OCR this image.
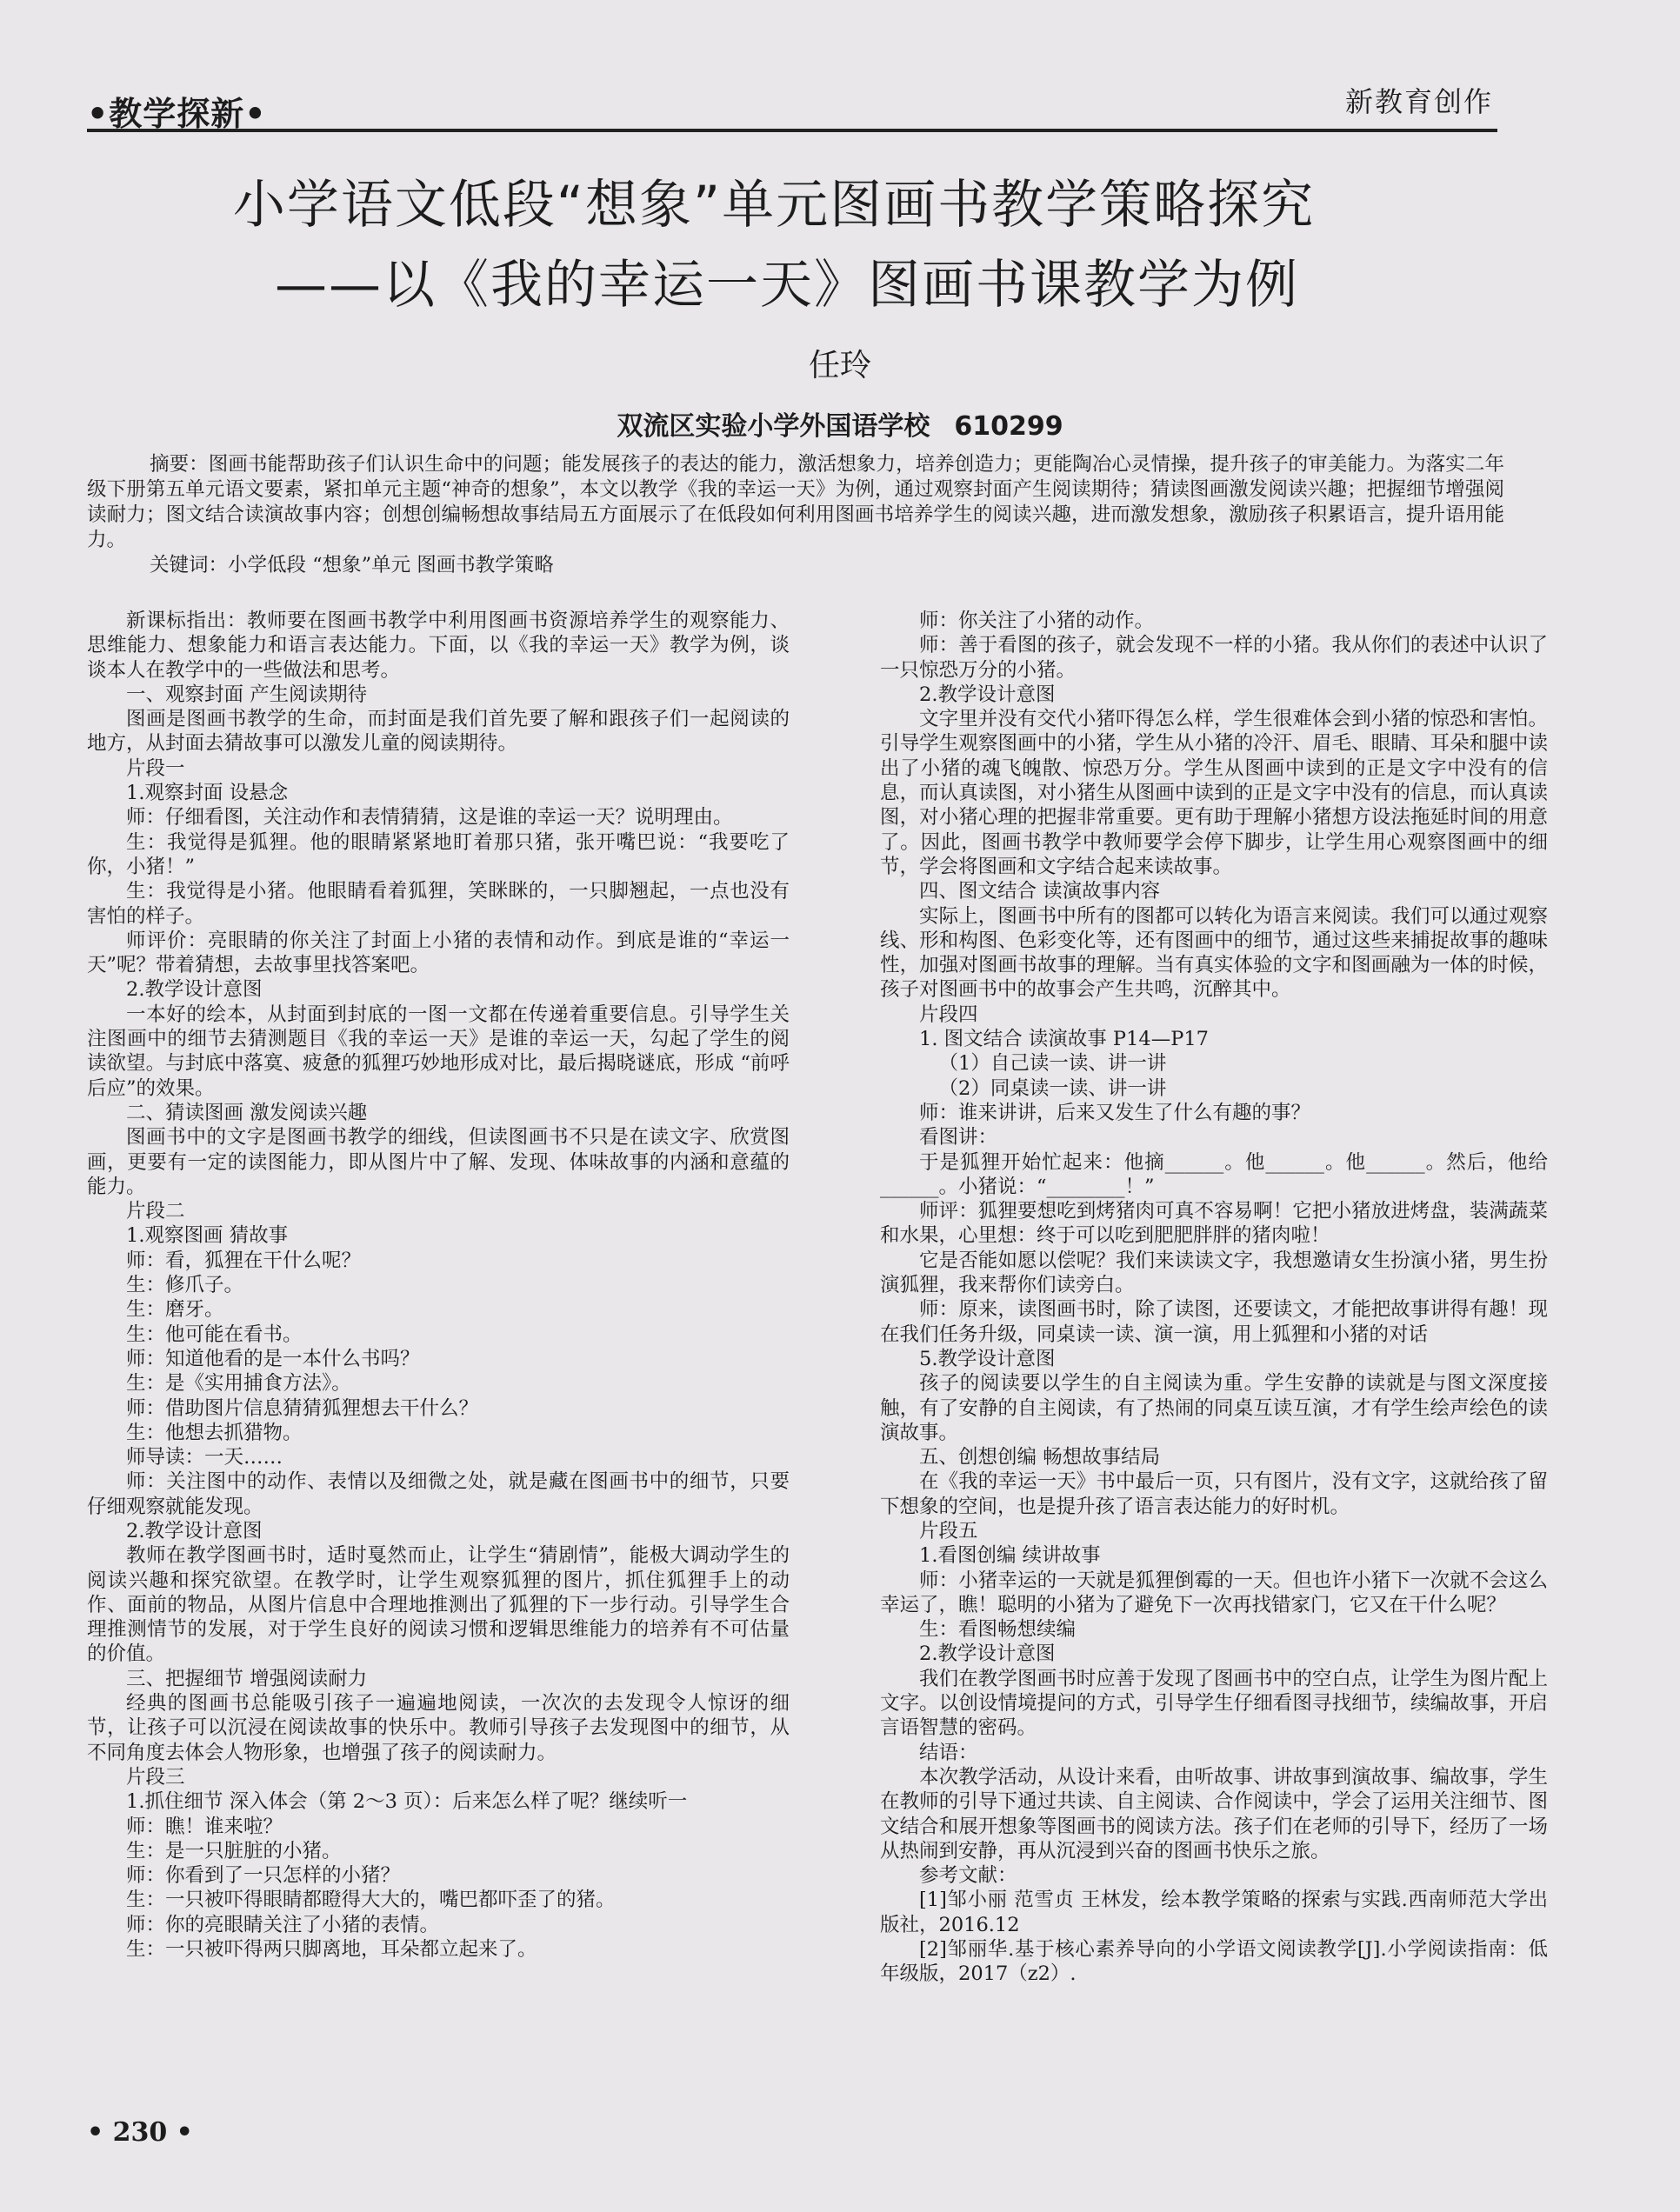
•教学探新•	新教育创作
小学语文低段“想象”单元图画书教学策略探究
——以《我的幸运一天》图画书课教学为例
任玲
双流区实验小学外国语学校 610299

摘要：图画书能帮助孩子们认识生命中的问题；能发展孩子的表达的能力，激活想象力，培养创造力；更能陶冶心灵情操，提升孩子的审美能力。为落实二年级下册第五单元语文要素，紧扣单元主题“神奇的想象”，本文以教学《我的幸运一天》为例，通过观察封面产生阅读期待；猜读图画激发阅读兴趣；把握细节增强阅读耐力；图文结合读演故事内容；创想创编畅想故事结局五方面展示了在低段如何利用图画书培养学生的阅读兴趣，进而激发想象，激励孩子积累语言，提升语用能力。

关键词：小学低段 “想象”单元 图画书教学策略

新课标指出：教师要在图画书教学中利用图画书资源培养学生的观察能力、思维能力、想象能力和语言表达能力。下面，以《我的幸运一天》教学为例，谈谈本人在教学中的一些做法和思考。

一、观察封面 产生阅读期待

图画是图画书教学的生命，而封面是我们首先要了解和跟孩子们一起阅读的地方，从封面去猜故事可以激发儿童的阅读期待。

片段一

1.观察封面 设悬念

师：仔细看图，关注动作和表情猜猜，这是谁的幸运一天？说明理由。

生：我觉得是狐狸。他的眼睛紧紧地盯着那只猪，张开嘴巴说：“我要吃了你，小猪！”

生：我觉得是小猪。他眼睛看着狐狸，笑眯眯的，一只脚翘起，一点也没有害怕的样子。

师评价：亮眼睛的你关注了封面上小猪的表情和动作。到底是谁的“幸运一天”呢？带着猜想，去故事里找答案吧。

2.教学设计意图

一本好的绘本，从封面到封底的一图一文都在传递着重要信息。引导学生关注图画中的细节去猜测题目《我的幸运一天》是谁的幸运一天，勾起了学生的阅读欲望。与封底中落寞、疲惫的狐狸巧妙地形成对比，最后揭晓谜底，形成 “前呼后应”的效果。

二、猜读图画 激发阅读兴趣

图画书中的文字是图画书教学的细线，但读图画书不只是在读文字、欣赏图画，更要有一定的读图能力，即从图片中了解、发现、体味故事的内涵和意蕴的能力。

片段二

1.观察图画 猜故事

师：看，狐狸在干什么呢？

生：修爪子。

生：磨牙。

生：他可能在看书。

师：知道他看的是一本什么书吗？

生：是《实用捕食方法》。

师：借助图片信息猜猜狐狸想去干什么？

生：他想去抓猎物。

师导读：一天……

师：关注图中的动作、表情以及细微之处，就是藏在图画书中的细节，只要仔细观察就能发现。

2.教学设计意图

教师在教学图画书时，适时戛然而止，让学生“猜剧情”，能极大调动学生的阅读兴趣和探究欲望。在教学时，让学生观察狐狸的图片，抓住狐狸手上的动作、面前的物品，从图片信息中合理地推测出了狐狸的下一步行动。引导学生合理推测情节的发展，对于学生良好的阅读习惯和逻辑思维能力的培养有不可估量的价值。

三、把握细节 增强阅读耐力

经典的图画书总能吸引孩子一遍遍地阅读，一次次的去发现令人惊讶的细节，让孩子可以沉浸在阅读故事的快乐中。教师引导孩子去发现图中的细节，从不同角度去体会人物形象，也增强了孩子的阅读耐力。

片段三

1.抓住细节 深入体会（第 2～3 页）：后来怎么样了呢？继续听一

师：瞧！谁来啦？

生：是一只脏脏的小猪。

师：你看到了一只怎样的小猪？

生：一只被吓得眼睛都瞪得大大的，嘴巴都吓歪了的猪。

师：你的亮眼睛关注了小猪的表情。

生：一只被吓得两只脚离地，耳朵都立起来了。

师：你关注了小猪的动作。

师：善于看图的孩子，就会发现不一样的小猪。我从你们的表述中认识了一只惊恐万分的小猪。

2.教学设计意图

文字里并没有交代小猪吓得怎么样，学生很难体会到小猪的惊恐和害怕。引导学生观察图画中的小猪，学生从小猪的冷汗、眉毛、眼睛、耳朵和腿中读出了小猪的魂飞魄散、惊恐万分。学生从图画中读到的正是文字中没有的信息，而认真读图，对小猪生从图画中读到的正是文字中没有的信息，而认真读图，对小猪心理的把握非常重要。更有助于理解小猪想方设法拖延时间的用意了。因此，图画书教学中教师要学会停下脚步，让学生用心观察图画中的细节，学会将图画和文字结合起来读故事。

四、图文结合 读演故事内容

实际上，图画书中所有的图都可以转化为语言来阅读。我们可以通过观察线、形和构图、色彩变化等，还有图画中的细节，通过这些来捕捉故事的趣味性，加强对图画书故事的理解。当有真实体验的文字和图画融为一体的时候，孩子对图画书中的故事会产生共鸣，沉醉其中。

片段四

1. 图文结合 读演故事 P14—P17

（1）自己读一读、讲一讲

（2）同桌读一读、讲一讲

师：谁来讲讲，后来又发生了什么有趣的事？

看图讲：

于是狐狸开始忙起来：他摘______。他______。他______。然后，他给______。小猪说：“________！”

师评：狐狸要想吃到烤猪肉可真不容易啊！它把小猪放进烤盘，装满蔬菜和水果，心里想：终于可以吃到肥肥胖胖的猪肉啦！

它是否能如愿以偿呢？我们来读读文字，我想邀请女生扮演小猪，男生扮演狐狸，我来帮你们读旁白。

师：原来，读图画书时，除了读图，还要读文，才能把故事讲得有趣！现在我们任务升级，同桌读一读、演一演，用上狐狸和小猪的对话

5.教学设计意图

孩子的阅读要以学生的自主阅读为重。学生安静的读就是与图文深度接触，有了安静的自主阅读，有了热闹的同桌互读互演，才有学生绘声绘色的读演故事。

五、创想创编 畅想故事结局

在《我的幸运一天》书中最后一页，只有图片，没有文字，这就给孩了留下想象的空间，也是提升孩了语言表达能力的好时机。

片段五

1.看图创编 续讲故事

师：小猪幸运的一天就是狐狸倒霉的一天。但也许小猪下一次就不会这么幸运了，瞧！聪明的小猪为了避免下一次再找错家门，它又在干什么呢？

生：看图畅想续编

2.教学设计意图

我们在教学图画书时应善于发现了图画书中的空白点，让学生为图片配上文字。以创设情境提问的方式，引导学生仔细看图寻找细节，续编故事，开启言语智慧的密码。

结语：

本次教学活动，从设计来看，由听故事、讲故事到演故事、编故事，学生在教师的引导下通过共读、自主阅读、合作阅读中，学会了运用关注细节、图文结合和展开想象等图画书的阅读方法。孩子们在老师的引导下，经历了一场从热闹到安静，再从沉浸到兴奋的图画书快乐之旅。

参考文献：

[1]邹小丽 范雪贞 王林发，绘本教学策略的探索与实践.西南师范大学出版社，2016.12

[2]邹丽华.基于核心素养导向的小学语文阅读教学[J].小学阅读指南：低年级版，2017（z2）.

• 230 •
